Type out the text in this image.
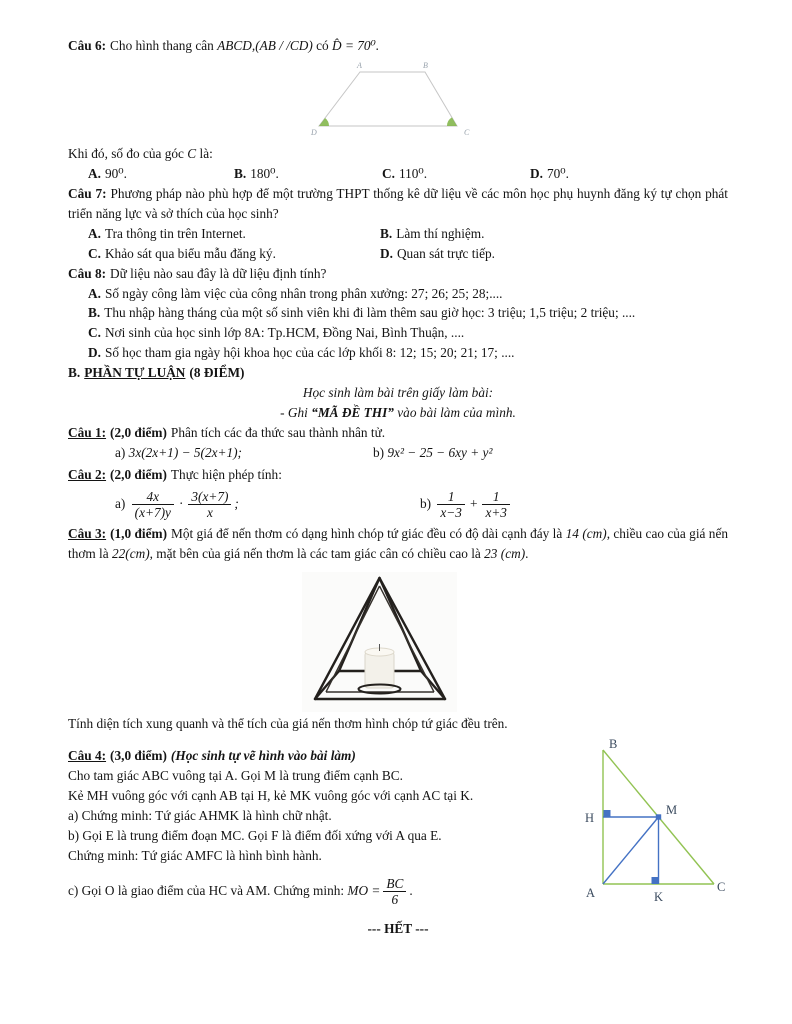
Câu 6: Cho hình thang cân ABCD,(AB / /CD) có D̂ = 70⁰.
A	B
D	C
Khi đó, số đo của góc C là:
A. 90⁰.	B. 180⁰.	C. 110⁰.	D. 70⁰.
Câu 7: Phương pháp nào phù hợp để một trường THPT thống kê dữ liệu về các môn học phụ huynh đăng ký tự chọn phát triển năng lực và sở thích của học sinh?
A. Tra thông tin trên Internet.	B. Làm thí nghiệm.
C. Khảo sát qua biểu mẫu đăng ký.	D. Quan sát trực tiếp.
Câu 8: Dữ liệu nào sau đây là dữ liệu định tính?
A. Số ngày công làm việc của công nhân trong phân xưởng: 27; 26; 25; 28;....
B. Thu nhập hàng tháng của một số sinh viên khi đi làm thêm sau giờ học: 3 triệu; 1,5 triệu; 2 triệu; ....
C. Nơi sinh của học sinh lớp 8A: Tp.HCM, Đồng Nai, Bình Thuận, ....
D. Số học tham gia ngày hội khoa học của các lớp khối 8: 12; 15; 20; 21; 17; ....
B. PHẦN TỰ LUẬN (8 ĐIỂM)
Học sinh làm bài trên giấy làm bài:
- Ghi “MÃ ĐỀ THI” vào bài làm của mình.
Câu 1: (2,0 điểm) Phân tích các đa thức sau thành nhân tử.
a) 3x(2x+1) − 5(2x+1);	b) 9x² − 25 − 6xy + y²
Câu 2: (2,0 điểm) Thực hiện phép tính:
$a) \frac{4x}{(x+7)y} \cdot \frac{3(x+7)}{x}$ ;	$b) \frac{1}{x-3} + \frac{1}{x+3}$
Câu 3: (1,0 điểm) Một giá để nến thơm có dạng hình chóp tứ giác đều có độ dài cạnh đáy là 14 (cm), chiều cao của giá nến thơm là 22(cm), mặt bên của giá nến thơm là các tam giác cân có chiều cao là 23 (cm).
Tính diện tích xung quanh và thể tích của giá nến thơm hình chóp tứ giác đều trên.
Câu 4: (3,0 điểm) (Học sinh tự vẽ hình vào bài làm)
Cho tam giác ABC vuông tại A. Gọi M là trung điểm cạnh BC.
Kẻ MH vuông góc với cạnh AB tại H, kẻ MK vuông góc với cạnh AC tại K.
a) Chứng minh: Tứ giác AHMK là hình chữ nhật.
b) Gọi E là trung điểm đoạn MC. Gọi F là điểm đối xứng với A qua E.
Chứng minh: Tứ giác AMFC là hình bình hành.
c) Gọi O là giao điểm của HC và AM. Chứng minh: MO = $\frac{BC}{6}$ .
B
H
M
A	K
C
--- HẾT ---
